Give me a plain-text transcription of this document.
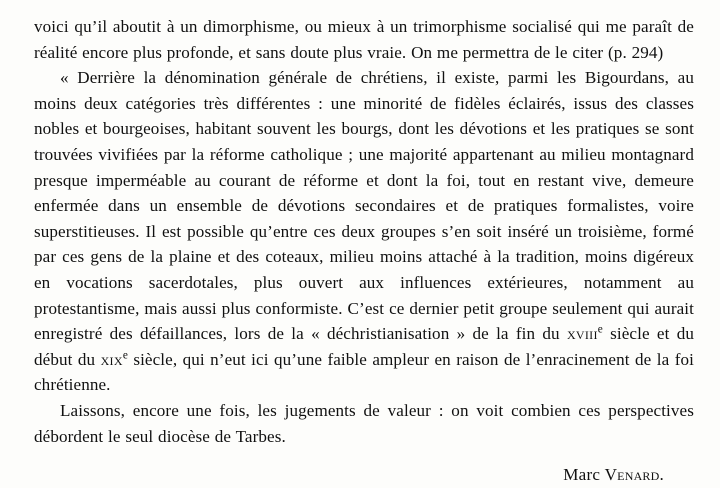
voici qu’il aboutit à un dimorphisme, ou mieux à un trimorphisme socialisé qui me paraît de réalité encore plus profonde, et sans doute plus vraie. On me permettra de le citer (p. 294)

« Derrière la dénomination générale de chrétiens, il existe, parmi les Bigourdans, au moins deux catégories très différentes : une minorité de fidèles éclairés, issus des classes nobles et bourgeoises, habitant souvent les bourgs, dont les dévotions et les pratiques se sont trouvées vivifiées par la réforme catholique ; une majorité appartenant au milieu montagnard presque imperméable au courant de réforme et dont la foi, tout en restant vive, demeure enfermée dans un ensemble de dévotions secondaires et de pratiques formalistes, voire superstitieuses. Il est possible qu’entre ces deux groupes s’en soit inséré un troisième, formé par ces gens de la plaine et des coteaux, milieu moins attaché à la tradition, moins digéreux en vocations sacerdotales, plus ouvert aux influences extérieures, notamment au protestantisme, mais aussi plus conformiste. C’est ce dernier petit groupe seulement qui aurait enregistré des défaillances, lors de la « déchristianisation » de la fin du xviii$^e$ siècle et du début du xix$^e$ siècle, qui n’eut ici qu’une faible ampleur en raison de l’enracinement de la foi chrétienne.

Laissons, encore une fois, les jugements de valeur : on voit combien ces perspectives débordent le seul diocèse de Tarbes.

Marc Venard.
